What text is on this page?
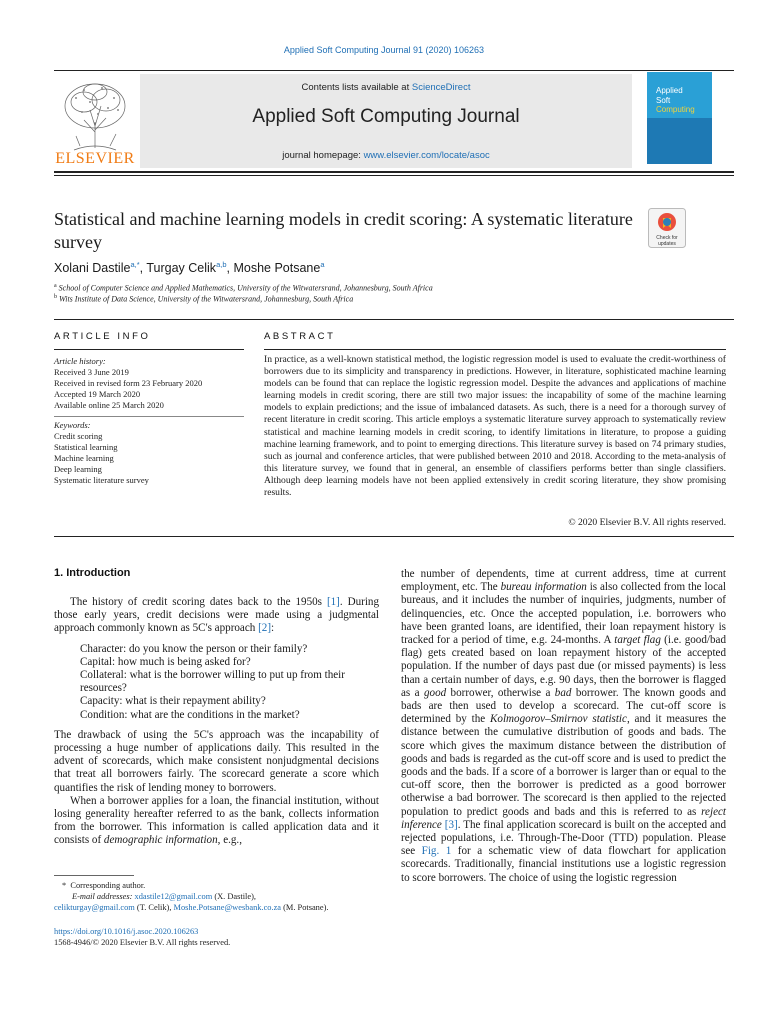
Applied Soft Computing Journal 91 (2020) 106263
ELSEVIER
Contents lists available at ScienceDirect
Applied Soft Computing Journal
journal homepage: www.elsevier.com/locate/asoc
Applied
Soft
Computing
Statistical and machine learning models in credit scoring: A systematic literature survey	Check for
updates
Xolani Dastile$^{a,*}$, Turgay Celik$^{a,b}$, Moshe Potsane$^a$
$^a$ School of Computer Science and Applied Mathematics, University of the Witwatersrand, Johannesburg, South Africa
$^b$ Wits Institute of Data Science, University of the Witwatersrand, Johannesburg, South Africa
ARTICLE INFO	ABSTRACT
Article history:
Received 3 June 2019
Received in revised form 23 February 2020
Accepted 19 March 2020
Available online 25 March 2020
Keywords:
Credit scoring
Statistical learning
Machine learning
Deep learning
Systematic literature survey
In practice, as a well-known statistical method, the logistic regression model is used to evaluate the credit-worthiness of borrowers due to its simplicity and transparency in predictions. However, in literature, sophisticated machine learning models can be found that can replace the logistic regression model. Despite the advances and applications of machine learning models in credit scoring, there are still two major issues: the incapability of some of the machine learning models to explain predictions; and the issue of imbalanced datasets. As such, there is a need for a thorough survey of recent literature in credit scoring. This article employs a systematic literature survey approach to systematically review statistical and machine learning models in credit scoring, to identify limitations in literature, to propose a guiding machine learning framework, and to point to emerging directions. This literature survey is based on 74 primary studies, such as journal and conference articles, that were published between 2010 and 2018. According to the meta-analysis of this literature survey, we found that in general, an ensemble of classifiers performs better than single classifiers. Although deep learning models have not been applied extensively in credit scoring literature, they show promising results.
© 2020 Elsevier B.V. All rights reserved.
1. Introduction

The history of credit scoring dates back to the 1950s [1]. During those early years, credit decisions were made using a judgmental approach commonly known as 5C's approach [2]:

Character: do you know the person or their family?
Capital: how much is being asked for?
Collateral: what is the borrower willing to put up from their resources?
Capacity: what is their repayment ability?
Condition: what are the conditions in the market?

The drawback of using the 5C's approach was the incapability of processing a huge number of applications daily. This resulted in the advent of scorecards, which make consistent nonjudgmental decisions that treat all borrowers fairly. The scorecard generate a score which quantifies the risk of lending money to borrowers.

When a borrower applies for a loan, the financial institution, without losing generality hereafter referred to as the bank, collects information from the borrower. This information is called application data and it consists of demographic information, e.g.,

the number of dependents, time at current address, time at current employment, etc. The bureau information is also collected from the local bureaus, and it includes the number of inquiries, judgments, number of delinquencies, etc. Once the accepted population, i.e. borrowers who have been granted loans, are identified, their loan repayment history is tracked for a period of time, e.g. 24-months. A target flag (i.e. good/bad flag) gets created based on loan repayment history of the accepted population. If the number of days past due (or missed payments) is less than a certain number of days, e.g. 90 days, then the borrower is flagged as a good borrower, otherwise a bad borrower. The known goods and bads are then used to develop a scorecard. The cut-off score is determined by the Kolmogorov–Smirnov statistic, and it measures the distance between the cumulative distribution of goods and bads. The score which gives the maximum distance between the distribution of goods and bads is regarded as the cut-off score and is used to predict the goods and the bads. If a score of a borrower is larger than or equal to the cut-off score, then the borrower is predicted as a good borrower otherwise a bad borrower. The scorecard is then applied to the rejected population to predict goods and bads and this is referred to as reject inference [3]. The final application scorecard is built on the accepted and rejected populations, i.e. Through-The-Door (TTD) population. Please see Fig. 1 for a schematic view of data flowchart for application scorecards. Traditionally, financial institutions use a logistic regression to score borrowers. The choice of using the logistic regression

* Corresponding author.
E-mail addresses: xdastile12@gmail.com (X. Dastile),
celikturgay@gmail.com (T. Celik), Moshe.Potsane@wesbank.co.za (M. Potsane).
https://doi.org/10.1016/j.asoc.2020.106263
1568-4946/© 2020 Elsevier B.V. All rights reserved.
